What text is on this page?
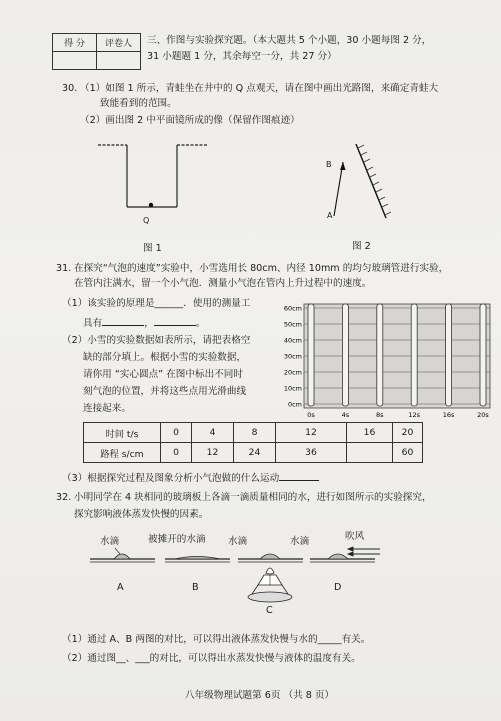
得 分	评卷人
	三、作图与实验探究题。（本大题共 5 个小题，30 小题每图 2 分，
31 小题题 1 分，其余每空一分，共 27 分）
30. （1）如图 1 所示，青蛙坐在井中的 Q 点观天，请在图中画出光路图，来确定青蛙大
致能看到的范围。
（2）画出图 2 中平面镜所成的像（保留作图痕迹）
Q
图 1
B
A
图 2
31. 在探究“气泡的速度”实验中，小雪选用长 80cm、内径 10mm 的均匀玻璃管进行实验，
在管内注满水，留一个小气泡．测量小气泡在管内上升过程中的速度。
（1）该实验的原理是______．使用的测量工
具有	，	。
（2）小雪的实验数据如表所示，请把表格空
缺的部分填上。根据小雪的实验数据，
请你用 “实心圆点” 在图中标出不同时
刻气泡的位置，并将这些点用光滑曲线
连接起来。
60cm
50cm
40cm
30cm
20cm
10cm
0cm
0s	4s	8s	12s	16s	20s
时间 t/s	0	4	8	12	16	20
路程 s/cm	0	12	24	36		60
（3）根据探究过程及图象分析小气泡做的什么运动
32. 小明同学在 4 块相同的玻璃板上各滴一滴质量相同的水，进行如图所示的实验探究，
探究影响液体蒸发快慢的因素。
水滴	被摊开的水滴 水滴	水滴	吹风
A	B
C
D
（1）通过 A、B 两图的对比，可以得出液体蒸发快慢与水的_____有关。
（2）通过图__、___的对比，可以得出水蒸发快慢与液体的温度有关。
八年级物理试题第 6页 （共 8 页）
